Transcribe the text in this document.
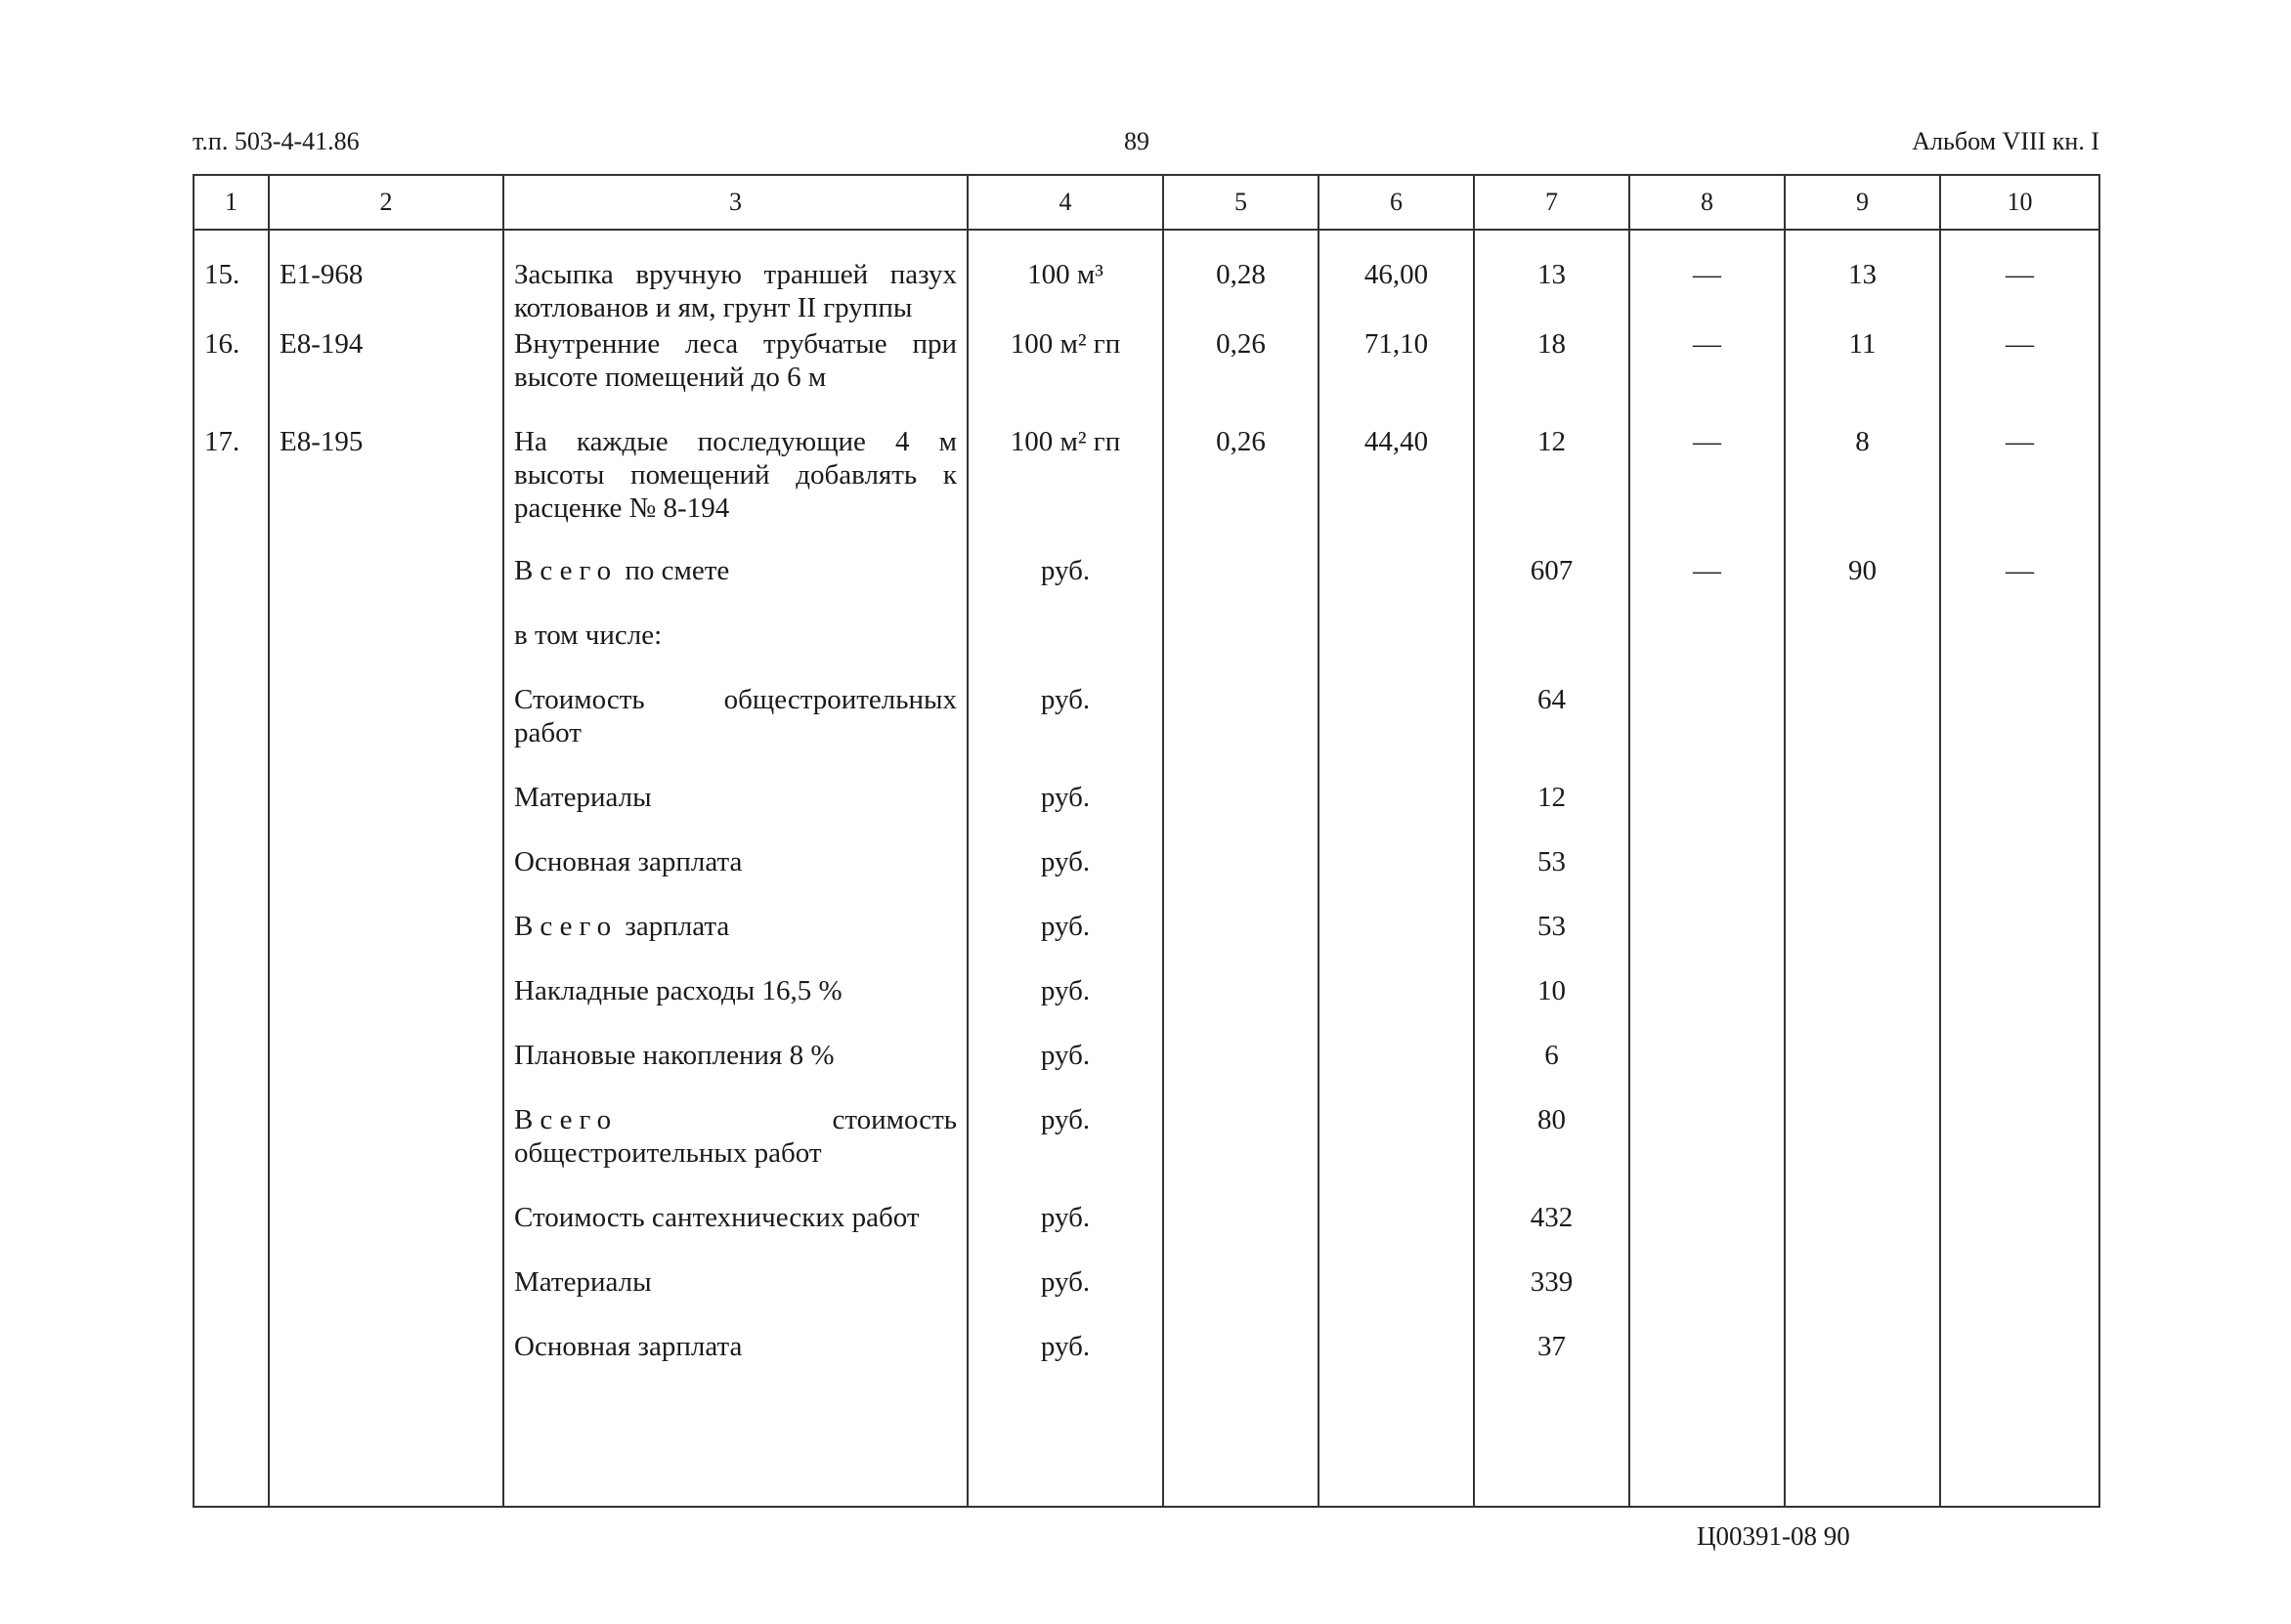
т.п. 503-4-41.86	89	Альбом VIII кн. I
1	2	3	4	5	6	7	8	9	10
15.	E1-968	Засыпка вручную траншей пазух котлованов и ям, грунт II группы	100 м³	0,28	46,00	13	—	13	—
16.	E8-194	Внутренние леса трубчатые при высоте помещений до 6 м	100 м² гп	0,26	71,10	18	—	11	—
17.	E8-195	На каждые последующие 4 м высоты помещений добавлять к расценке № 8-194	100 м² гп	0,26	44,40	12	—	8	—
		Всего по смете	руб.			607	—	90	—
		в том числе:							
		Стоимость общестроительных работ	руб.			64			
		Материалы	руб.			12			
		Основная зарплата	руб.			53			
		Всего зарплата	руб.			53			
		Накладные расходы 16,5 %	руб.			10			
		Плановые накопления 8 %	руб.			6			
		Всего стоимость общестроительных работ	руб.			80			
		Стоимость сантехнических работ	руб.			432			
		Материалы	руб.			339			
		Основная зарплата	руб.			37			
Ц00391-08 90
